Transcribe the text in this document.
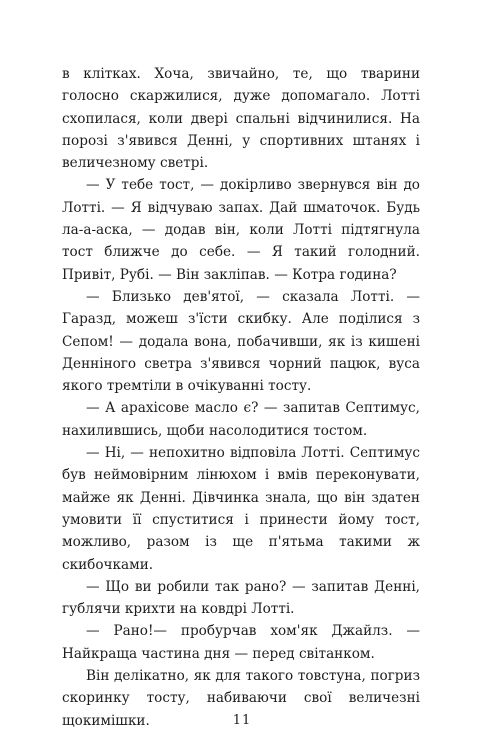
в клітках. Хоча, звичайно, те, що тварини голосно скаржилися, дуже допомагало. Лотті схопилася, коли двері спальні відчинилися. На порозі з'явився Денні, у спортивних штанях і величезному светрі.

— У тебе тост, — докірливо звернувся він до Лотті. — Я відчуваю запах. Дай шматочок. Будь ла-а-аска, — додав він, коли Лотті підтягнула тост ближче до себе. — Я такий голодний. Привіт, Рубі. — Він закліпав. — Котра година?

— Близько дев'ятої, — сказала Лотті. — Гаразд, можеш з'їсти скибку. Але поділися з Сепом! — додала вона, побачивши, як із кишені Денніного светра з'явився чорний пацюк, вуса якого тремтіли в очікуванні тосту.

— А арахісове масло є? — запитав Септимус, нахилившись, щоби насолодитися тостом.

— Ні, — непохитно відповіла Лотті. Септимус був неймовірним лінюхом і вмів переконувати, майже як Денні. Дівчинка знала, що він здатен умовити її спуститися і принести йому тост, можливо, разом із ще п'ятьма такими ж скибочками.

— Що ви робили так рано? — запитав Денні, гублячи крихти на ковдрі Лотті.

— Рано!— пробурчав хом'як Джайлз. — Найкраща частина дня — перед світанком.

Він делікатно, як для такого товстуна, погриз скоринку тосту, набиваючи свої величезні щокимішки.	11
